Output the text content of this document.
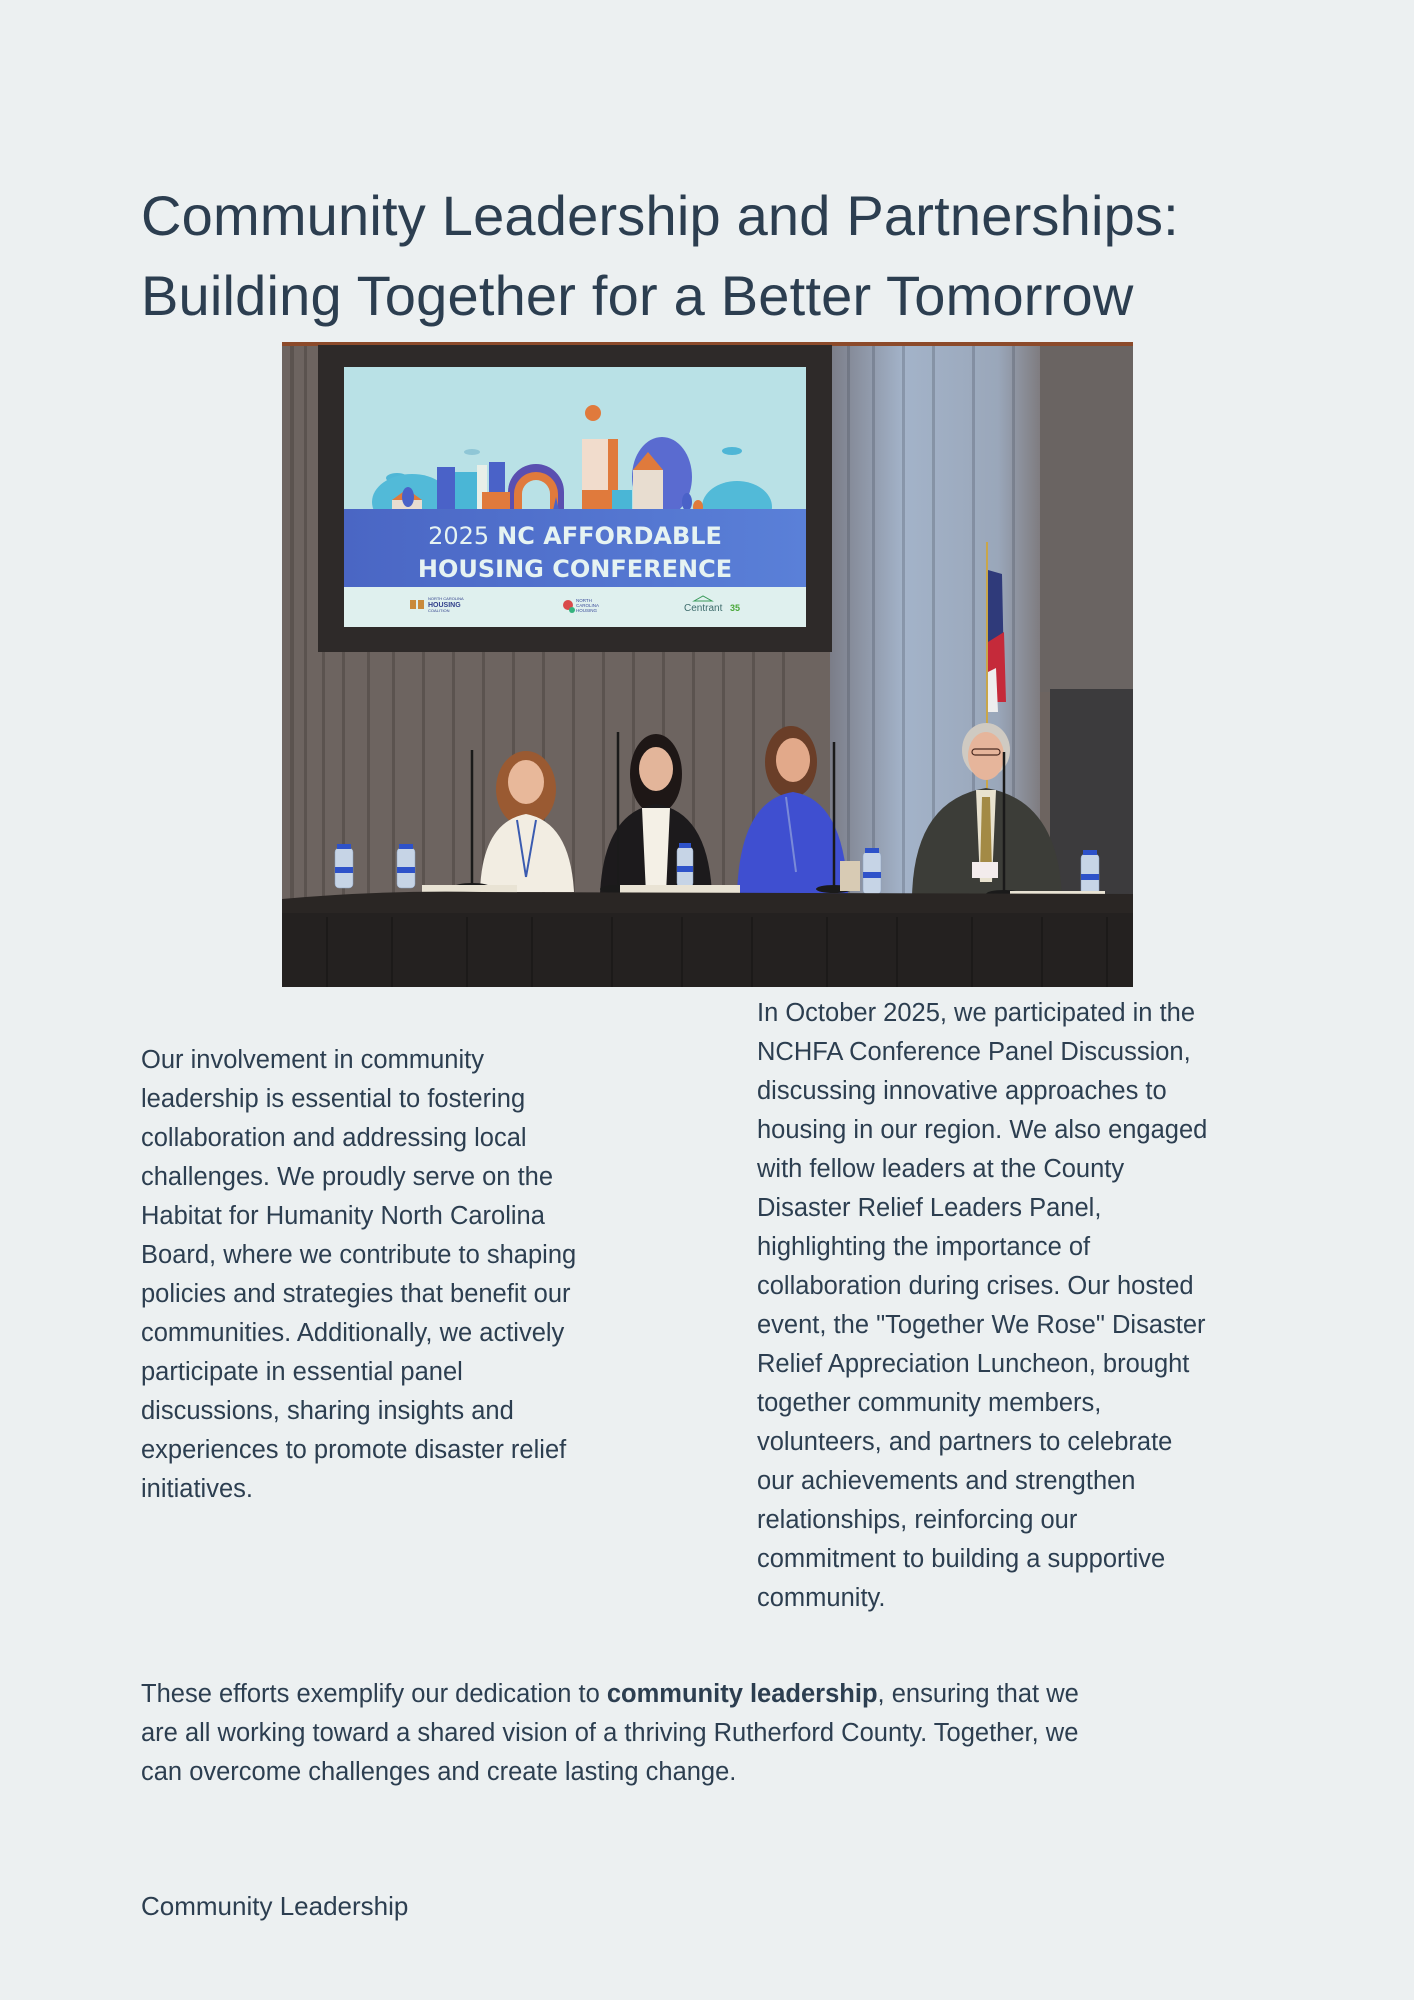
Community Leadership and Partnerships:
Building Together for a Better Tomorrow
2025 NC AFFORDABLE
HOUSING CONFERENCE
NORTH CAROLINA
HOUSING
COALITION
NORTH
CAROLINA
HOUSING	Centrant 35
Our involvement in community
leadership is essential to fostering
collaboration and addressing local
challenges. We proudly serve on the
Habitat for Humanity North Carolina
Board, where we contribute to shaping
policies and strategies that benefit our
communities. Additionally, we actively
participate in essential panel
discussions, sharing insights and
experiences to promote disaster relief
initiatives.
In October 2025, we participated in the
NCHFA Conference Panel Discussion,
discussing innovative approaches to
housing in our region. We also engaged
with fellow leaders at the County
Disaster Relief Leaders Panel,
highlighting the importance of
collaboration during crises. Our hosted
event, the "Together We Rose" Disaster
Relief Appreciation Luncheon, brought
together community members,
volunteers, and partners to celebrate
our achievements and strengthen
relationships, reinforcing our
commitment to building a supportive
community.
These efforts exemplify our dedication to community leadership, ensuring that we
are all working toward a shared vision of a thriving Rutherford County. Together, we
can overcome challenges and create lasting change.
Community Leadership
